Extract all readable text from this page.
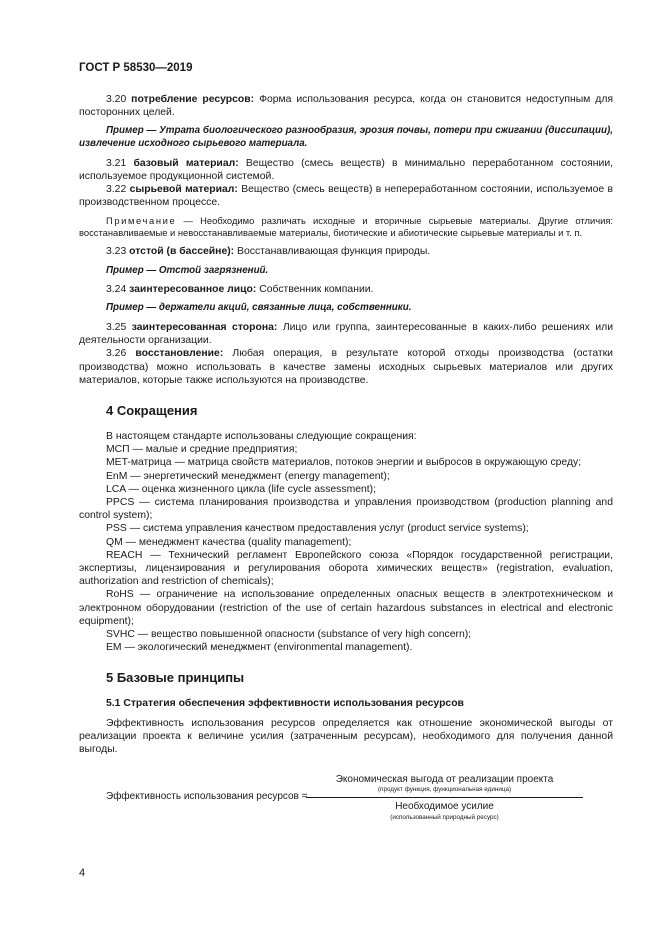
ГОСТ Р 58530—2019

3.20 потребление ресурсов: Форма использования ресурса, когда он становится недоступным для посторонних целей.

Пример — Утрата биологического разнообразия, эрозия почвы, потери при сжигании (диссипации), извлечение исходного сырьевого материала.

3.21 базовый материал: Вещество (смесь веществ) в минимально переработанном состоянии, используемое продукционной системой.

3.22 сырьевой материал: Вещество (смесь веществ) в непереработанном состоянии, используемое в производственном процессе.

Примечание — Необходимо различать исходные и вторичные сырьевые материалы. Другие отличия: восстанавливаемые и невосстанавливаемые материалы, биотические и абиотические сырьевые материалы и т. п.

3.23 отстой (в бассейне): Восстанавливающая функция природы.

Пример — Отстой загрязнений.

3.24 заинтересованное лицо: Собственник компании.

Пример — держатели акций, связанные лица, собственники.

3.25 заинтересованная сторона: Лицо или группа, заинтересованные в каких-либо решениях или деятельности организации.

3.26 восстановление: Любая операция, в результате которой отходы производства (остатки производства) можно использовать в качестве замены исходных сырьевых материалов или других материалов, которые также используются на производстве.

4 Сокращения

В настоящем стандарте использованы следующие сокращения:

МСП — малые и средние предприятия;

MET-матрица — матрица свойств материалов, потоков энергии и выбросов в окружающую среду;

EnM — энергетический менеджмент (energy management);

LCA — оценка жизненного цикла (life cycle assessment);

PPCS — система планирования производства и управления производством (production planning and control system);

PSS — система управления качеством предоставления услуг (product service systems);

QM — менеджмент качества (quality management);

REACH — Технический регламент Европейского союза «Порядок государственной регистрации, экспертизы, лицензирования и регулирования оборота химических веществ» (registration, evaluation, authorization and restriction of chemicals);

RoHS — ограничение на использование определенных опасных веществ в электротехническом и электронном оборудовании (restriction of the use of certain hazardous substances in electrical and electronic equipment);

SVHC — вещество повышенной опасности (substance of very high concern);

EM — экологический менеджмент (environmental management).

5 Базовые принципы

5.1 Стратегия обеспечения эффективности использования ресурсов

Эффективность использования ресурсов определяется как отношение экономической выгоды от реализации проекта к величине усилия (затраченным ресурсам), необходимого для получения данной выгоды.

Эффективность использования ресурсов =
Экономическая выгода от реализации проекта
(продукт функция, функциональная единица)
Необходимое усилие
(использованный природный ресурс)
4
